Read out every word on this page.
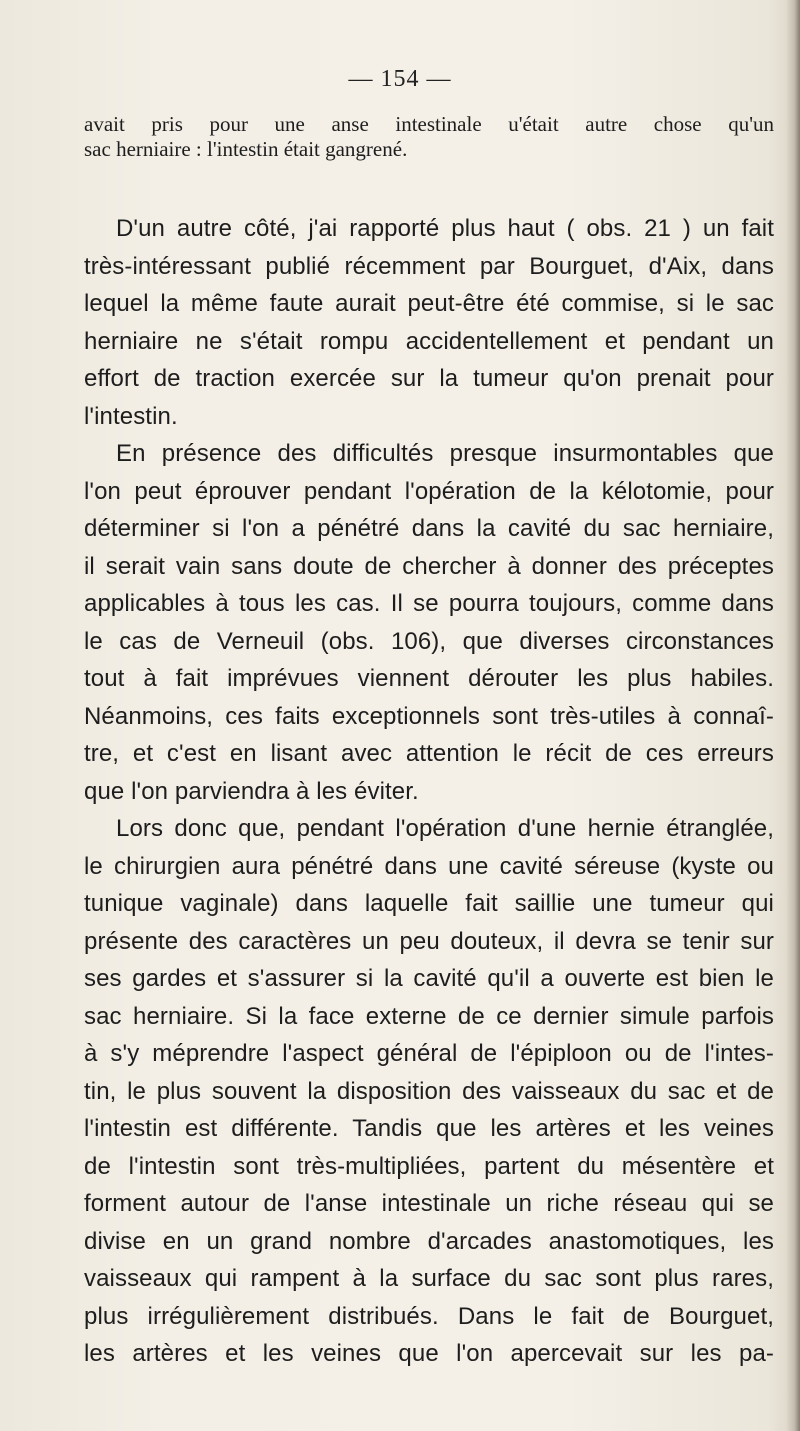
— 154 —
avait pris pour une anse intestinale u'était autre chose qu'un
sac herniaire : l'intestin était gangrené.
D'un autre côté, j'ai rapporté plus haut ( obs. 21 ) un fait
très-intéressant publié récemment par Bourguet, d'Aix, dans
lequel la même faute aurait peut-être été commise, si le sac
herniaire ne s'était rompu accidentellement et pendant un
effort de traction exercée sur la tumeur qu'on prenait pour
l'intestin.
En présence des difficultés presque insurmontables que
l'on peut éprouver pendant l'opération de la kélotomie, pour
déterminer si l'on a pénétré dans la cavité du sac herniaire,
il serait vain sans doute de chercher à donner des préceptes
applicables à tous les cas. Il se pourra toujours, comme dans
le cas de Verneuil (obs. 106), que diverses circonstances
tout à fait imprévues viennent dérouter les plus habiles.
Néanmoins, ces faits exceptionnels sont très-utiles à connaî-
tre, et c'est en lisant avec attention le récit de ces erreurs
que l'on parviendra à les éviter.
Lors donc que, pendant l'opération d'une hernie étranglée,
le chirurgien aura pénétré dans une cavité séreuse (kyste ou
tunique vaginale) dans laquelle fait saillie une tumeur qui
présente des caractères un peu douteux, il devra se tenir sur
ses gardes et s'assurer si la cavité qu'il a ouverte est bien le
sac herniaire. Si la face externe de ce dernier simule parfois
à s'y méprendre l'aspect général de l'épiploon ou de l'intes-
tin, le plus souvent la disposition des vaisseaux du sac et de
l'intestin est différente. Tandis que les artères et les veines
de l'intestin sont très-multipliées, partent du mésentère et
forment autour de l'anse intestinale un riche réseau qui se
divise en un grand nombre d'arcades anastomotiques, les
vaisseaux qui rampent à la surface du sac sont plus rares,
plus irrégulièrement distribués. Dans le fait de Bourguet,
les artères et les veines que l'on apercevait sur les pa-
